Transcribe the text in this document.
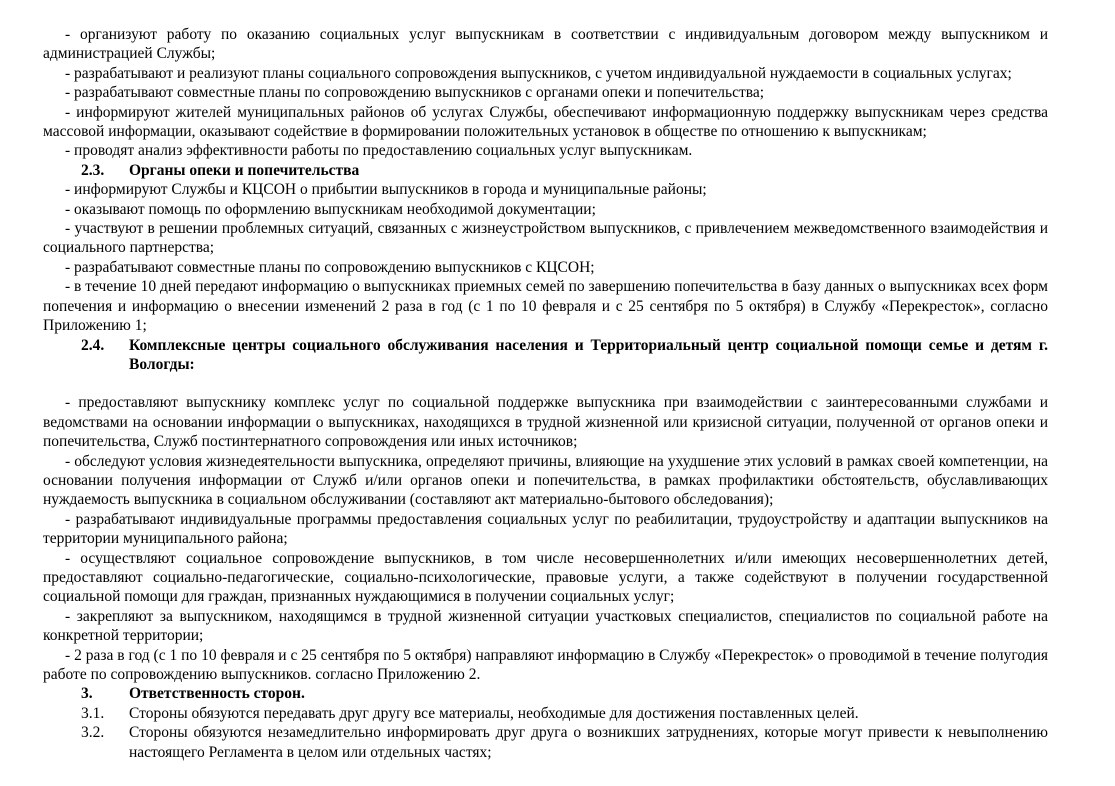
- организуют работу по оказанию социальных услуг выпускникам в соответствии с индивидуальным договором между выпускником и администрацией Службы;
- разрабатывают и реализуют планы социального сопровождения выпускников, с учетом индивидуальной нуждаемости в социальных услугах;
- разрабатывают совместные планы по сопровождению выпускников с органами опеки и попечительства;
- информируют жителей муниципальных районов об услугах Службы, обеспечивают информационную поддержку выпускникам через средства массовой информации, оказывают содействие в формировании положительных установок в обществе по отношению к выпускникам;
- проводят анализ эффективности работы по предоставлению социальных услуг выпускникам.
2.3. Органы опеки и попечительства
- информируют Службы и КЦСОН о прибытии выпускников в города и муниципальные районы;
- оказывают помощь по оформлению выпускникам необходимой документации;
- участвуют в решении проблемных ситуаций, связанных с жизнеустройством выпускников, с привлечением межведомственного взаимодействия и социального партнерства;
- разрабатывают совместные планы по сопровождению выпускников с КЦСОН;
- в течение 10 дней передают информацию о выпускниках приемных семей по завершению попечительства в базу данных о выпускниках всех форм попечения и информацию о внесении изменений 2 раза в год (с 1 по 10 февраля и с 25 сентября по 5 октября) в Службу «Перекресток», согласно Приложению 1;
2.4. Комплексные центры социального обслуживания населения и Территориальный центр социальной помощи семье и детям г. Вологды:
- предоставляют выпускнику комплекс услуг по социальной поддержке выпускника при взаимодействии с заинтересованными службами и ведомствами на основании информации о выпускниках, находящихся в трудной жизненной или кризисной ситуации, полученной от органов опеки и попечительства, Служб постинтернатного сопровождения или иных источников;
- обследуют условия жизнедеятельности выпускника, определяют причины, влияющие на ухудшение этих условий в рамках своей компетенции, на основании получения информации от Служб и/или органов опеки и попечительства, в рамках профилактики обстоятельств, обуславливающих нуждаемость выпускника в социальном обслуживании (составляют акт материально-бытового обследования);
- разрабатывают индивидуальные программы предоставления социальных услуг по реабилитации, трудоустройству и адаптации выпускников на территории муниципального района;
- осуществляют социальное сопровождение выпускников, в том числе несовершеннолетних и/или имеющих несовершеннолетних детей, предоставляют социально-педагогические, социально-психологические, правовые услуги, а также содействуют в получении государственной социальной помощи для граждан, признанных нуждающимися в получении социальных услуг;
- закрепляют за выпускником, находящимся в трудной жизненной ситуации участковых специалистов, специалистов по социальной работе на конкретной территории;
- 2 раза в год (с 1 по 10 февраля и с 25 сентября по 5 октября) направляют информацию в Службу «Перекресток» о проводимой в течение полугодия работе по сопровождению выпускников. согласно Приложению 2.
3. Ответственность сторон.
3.1. Стороны обязуются передавать друг другу все материалы, необходимые для достижения поставленных целей.
3.2. Стороны обязуются незамедлительно информировать друг друга о возникших затруднениях, которые могут привести к невыполнению настоящего Регламента в целом или отдельных частях;
